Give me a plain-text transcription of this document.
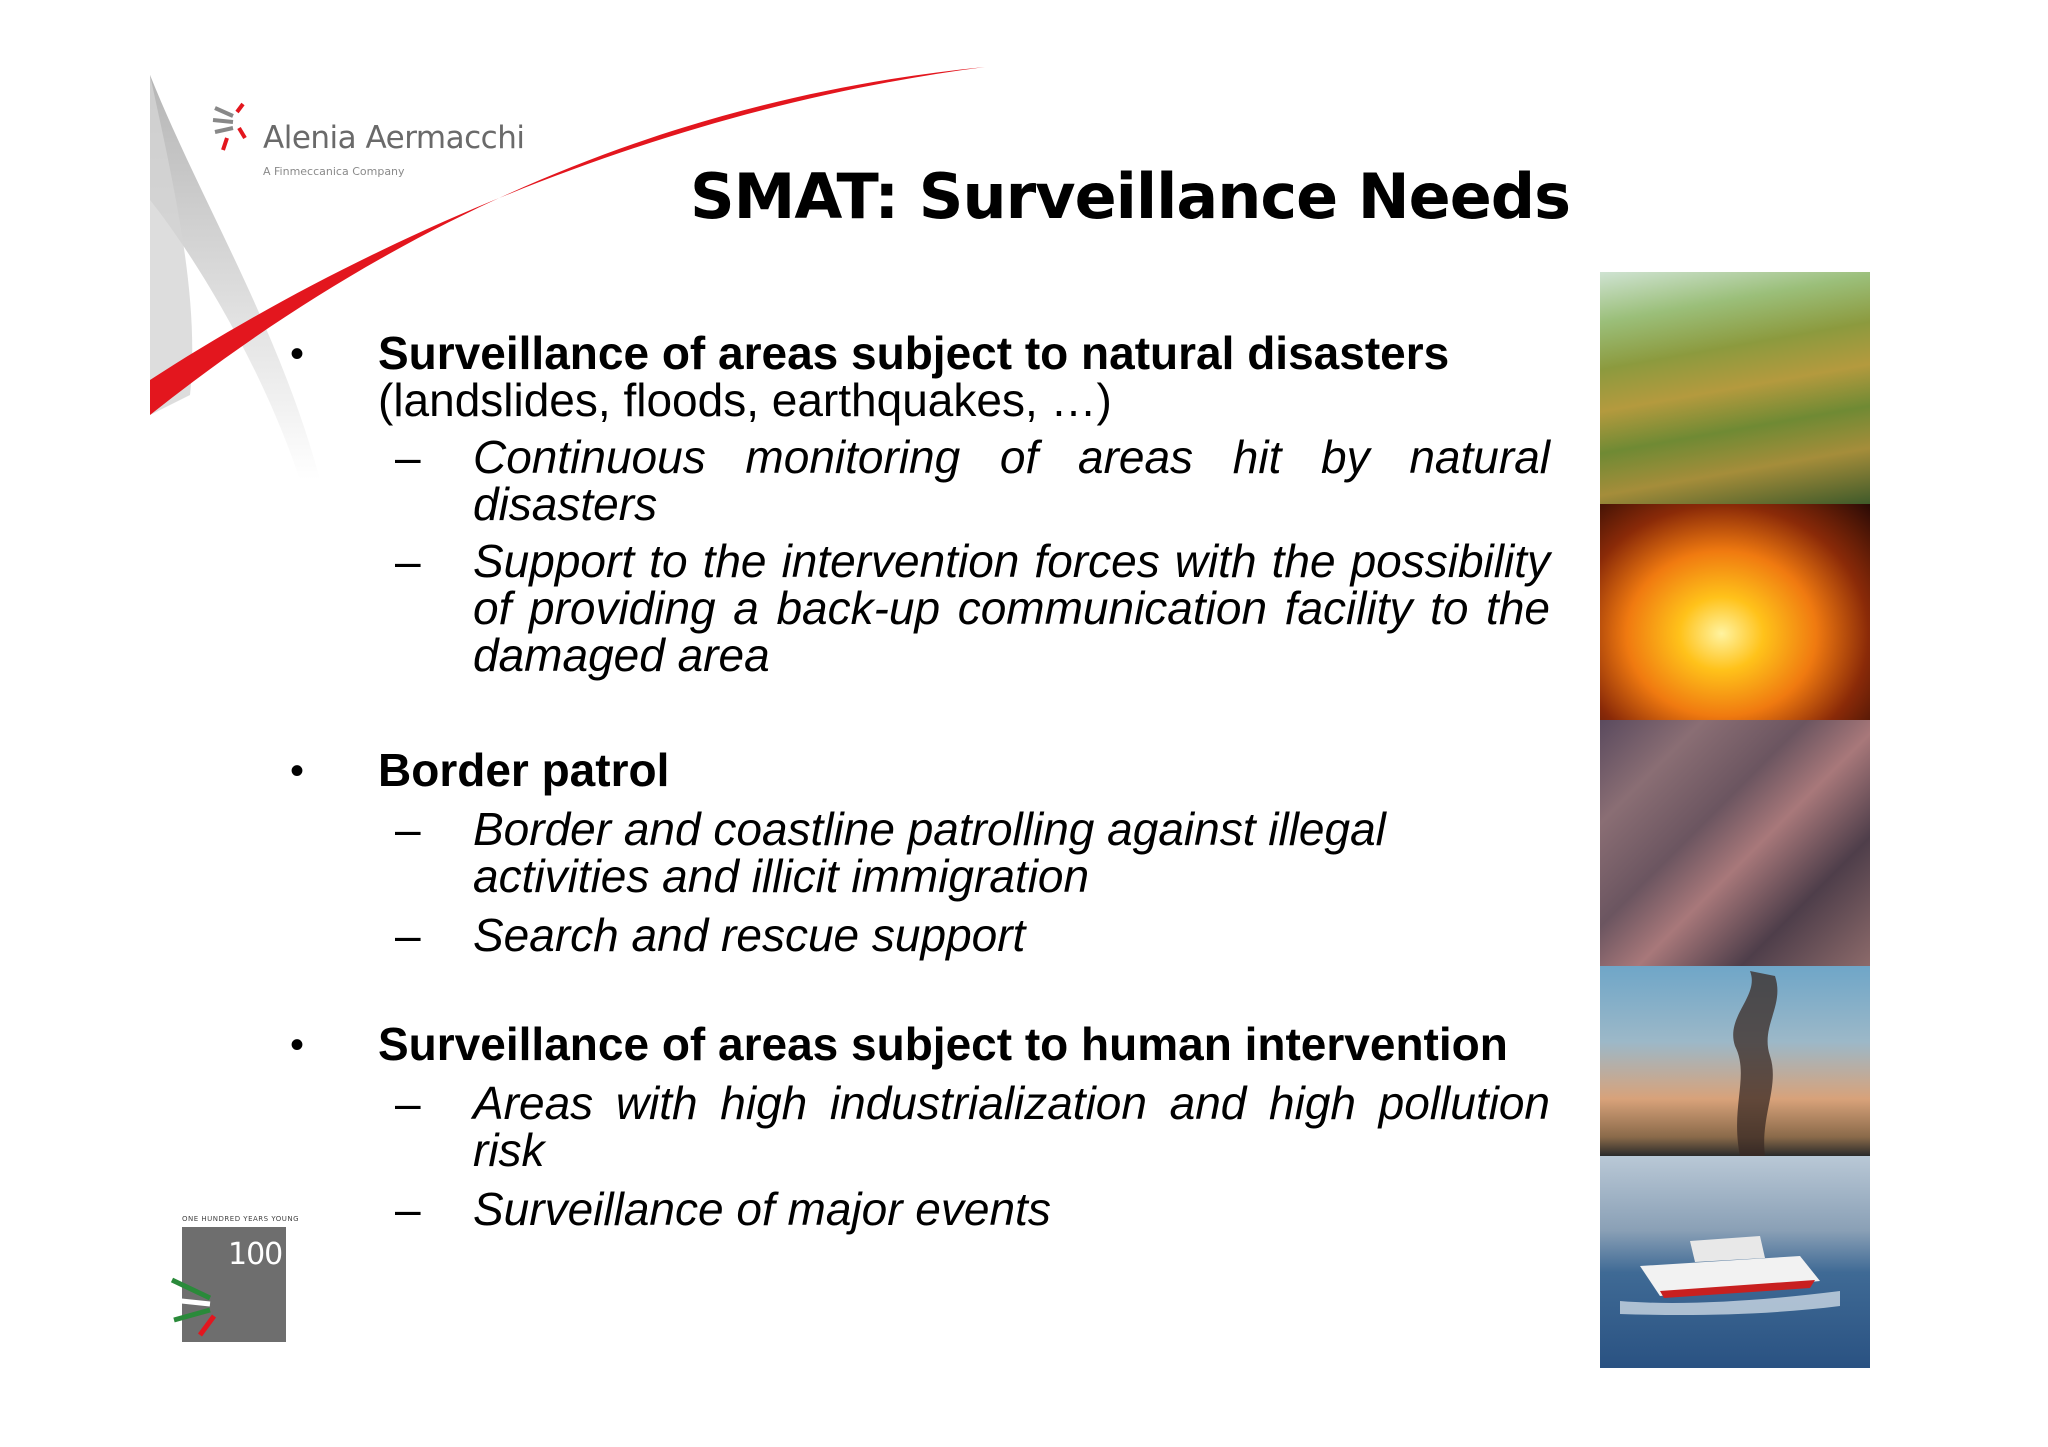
Alenia Aermacchi
A Finmeccanica Company	SMAT: Surveillance Needs
• Surveillance of areas subject to natural disasters
(landslides, floods, earthquakes, …)
– Continuous monitoring of areas hit by natural disasters
– Support to the intervention forces with the possibility of providing a back-up communication facility to the damaged area
• Border patrol
– Border and coastline patrolling against illegal activities and illicit immigration
– Search and rescue support
• Surveillance of areas subject to human intervention
– Areas with high industrialization and high pollution risk
– Surveillance of major events
ONE HUNDRED YEARS YOUNG
100
